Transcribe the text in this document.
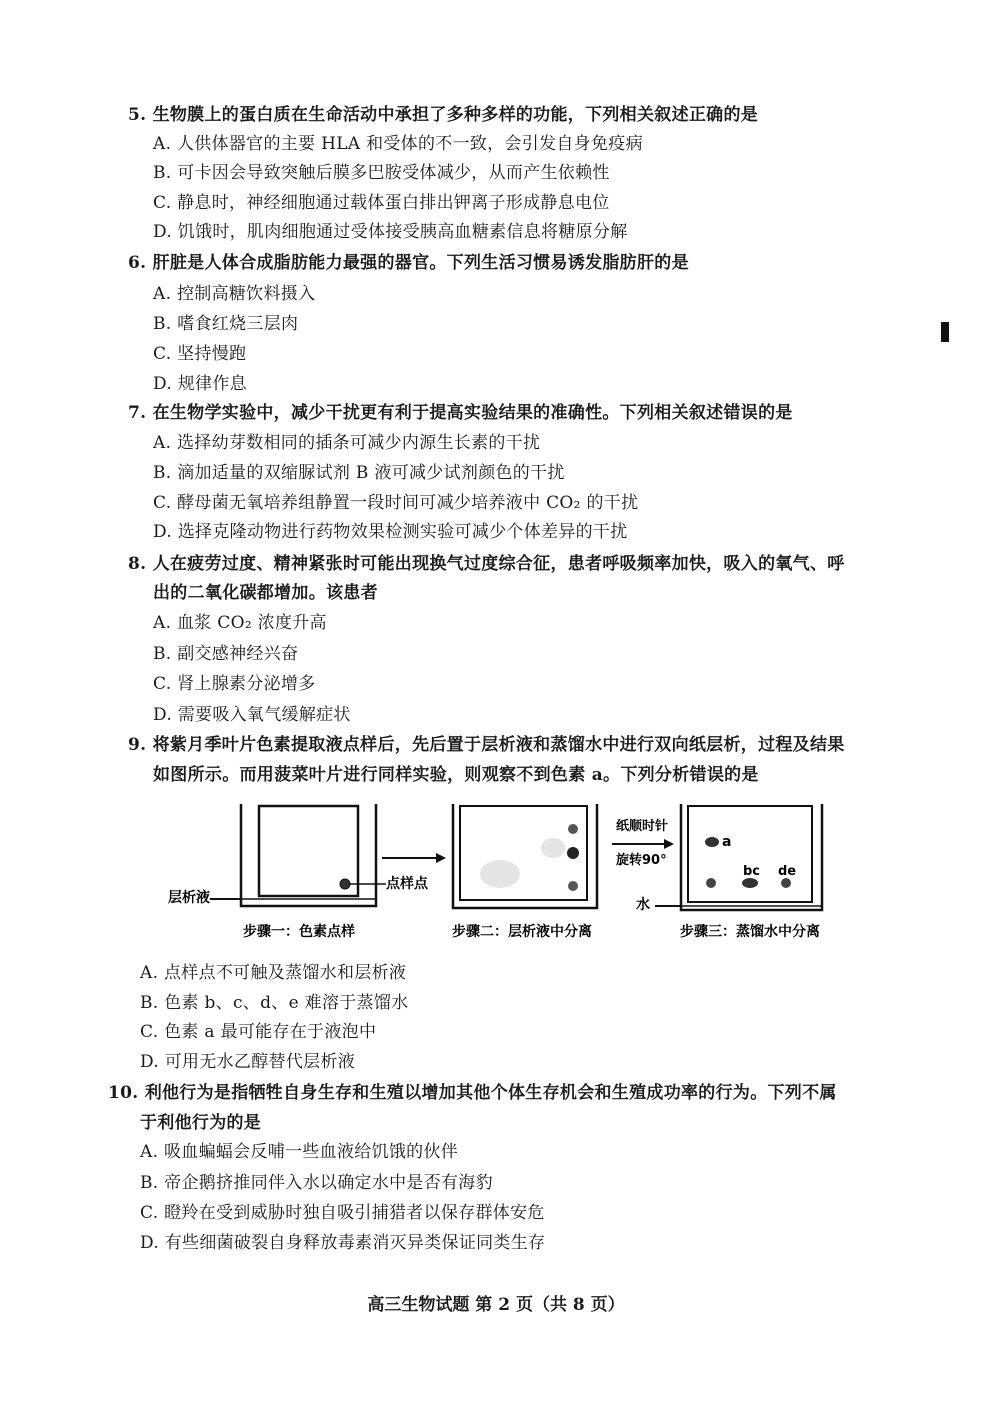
5. 生物膜上的蛋白质在生命活动中承担了多种多样的功能，下列相关叙述正确的是
A. 人供体器官的主要 HLA 和受体的不一致，会引发自身免疫病
B. 可卡因会导致突触后膜多巴胺受体减少，从而产生依赖性
C. 静息时，神经细胞通过载体蛋白排出钾离子形成静息电位
D. 饥饿时，肌肉细胞通过受体接受胰高血糖素信息将糖原分解
6. 肝脏是人体合成脂肪能力最强的器官。下列生活习惯易诱发脂肪肝的是
A. 控制高糖饮料摄入
B. 嗜食红烧三层肉
C. 坚持慢跑
D. 规律作息
7. 在生物学实验中，减少干扰更有利于提高实验结果的准确性。下列相关叙述错误的是
A. 选择幼芽数相同的插条可减少内源生长素的干扰
B. 滴加适量的双缩脲试剂 B 液可减少试剂颜色的干扰
C. 酵母菌无氧培养组静置一段时间可减少培养液中 CO₂ 的干扰
D. 选择克隆动物进行药物效果检测实验可减少个体差异的干扰
8. 人在疲劳过度、精神紧张时可能出现换气过度综合征，患者呼吸频率加快，吸入的氧气、呼
出的二氧化碳都增加。该患者
A. 血浆 CO₂ 浓度升高
B. 副交感神经兴奋
C. 肾上腺素分泌增多
D. 需要吸入氧气缓解症状
9. 将紫月季叶片色素提取液点样后，先后置于层析液和蒸馏水中进行双向纸层析，过程及结果
如图所示。而用菠菜叶片进行同样实验，则观察不到色素 a。下列分析错误的是
层析液
点样点
纸顺时针
旋转90°
水
a
bc de
步骤一：色素点样	步骤二：层析液中分离	步骤三：蒸馏水中分离
A. 点样点不可触及蒸馏水和层析液
B. 色素 b、c、d、e 难溶于蒸馏水
C. 色素 a 最可能存在于液泡中
D. 可用无水乙醇替代层析液
10. 利他行为是指牺牲自身生存和生殖以增加其他个体生存机会和生殖成功率的行为。下列不属
于利他行为的是
A. 吸血蝙蝠会反哺一些血液给饥饿的伙伴
B. 帝企鹅挤推同伴入水以确定水中是否有海豹
C. 瞪羚在受到威胁时独自吸引捕猎者以保存群体安危
D. 有些细菌破裂自身释放毒素消灭异类保证同类生存
高三生物试题 第 2 页（共 8 页）
